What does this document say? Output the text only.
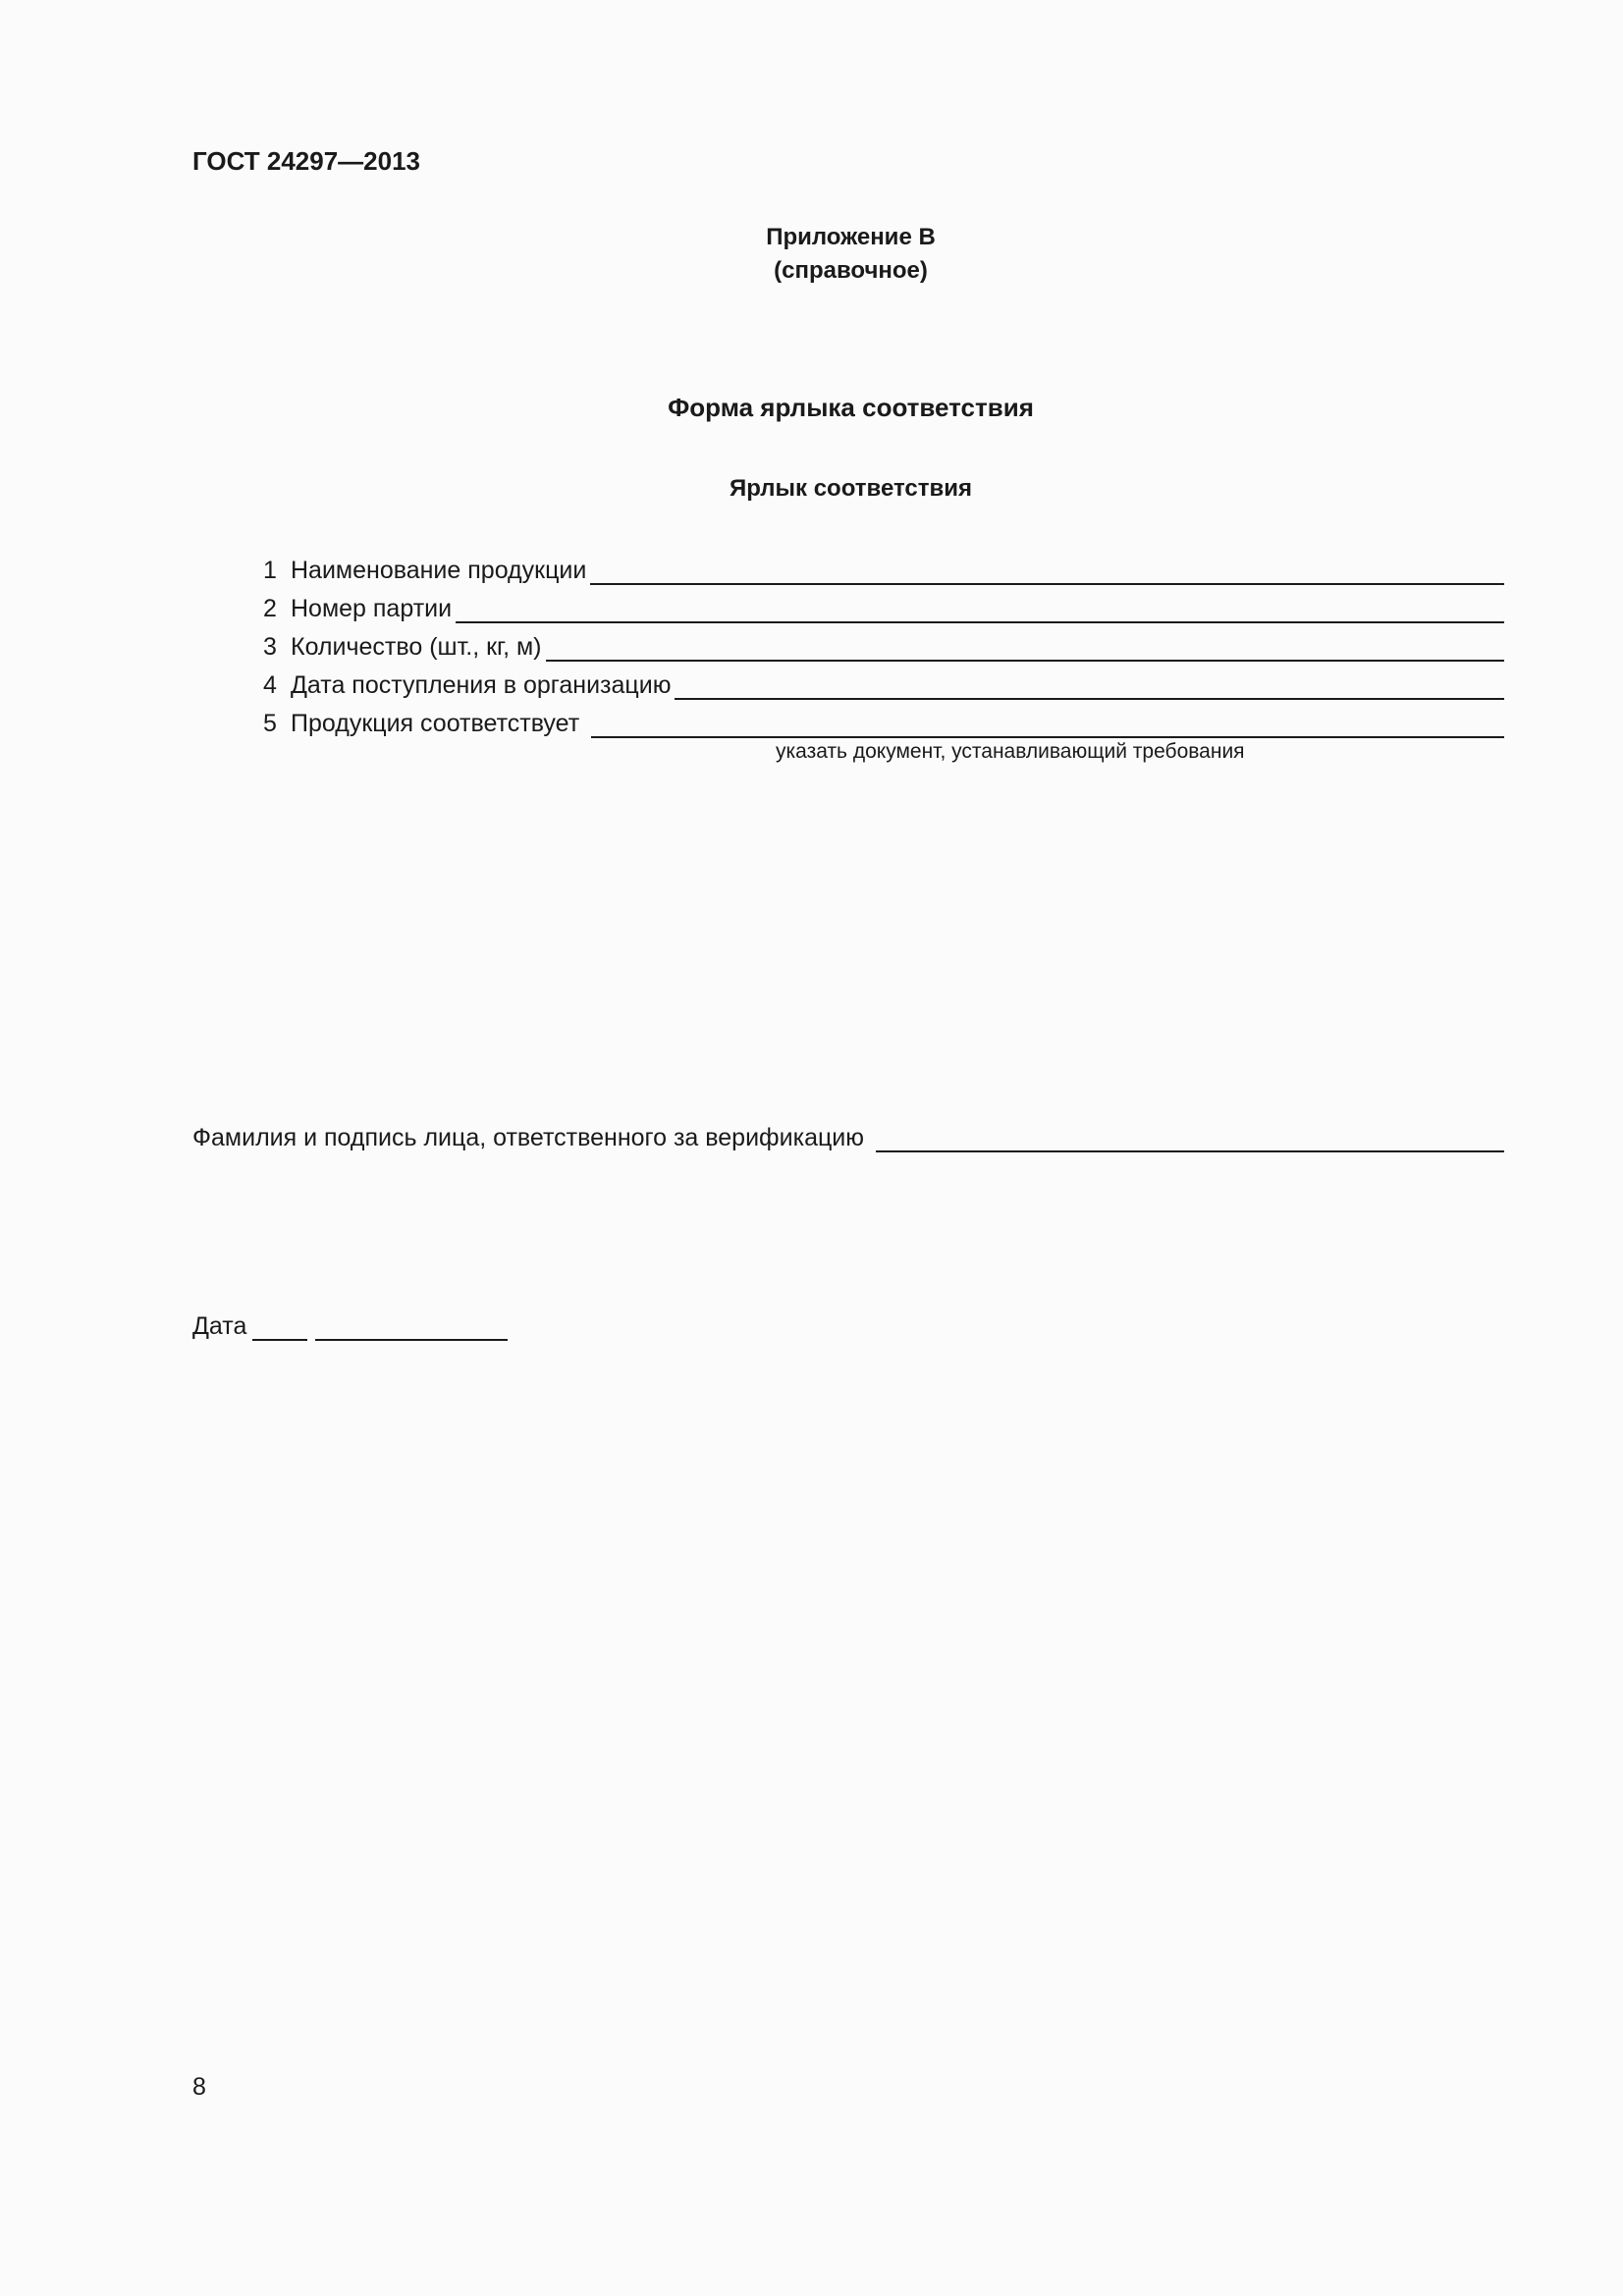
ГОСТ 24297—2013
Приложение В
(справочное)
Форма ярлыка соответствия
Ярлык соответствия
1 Наименование продукции
2 Номер партии
3 Количество (шт., кг, м)
4 Дата поступления в организацию
5 Продукция соответствует
указать документ, устанавливающий требования
Фамилия и подпись лица, ответственного за верификацию
Дата
8
